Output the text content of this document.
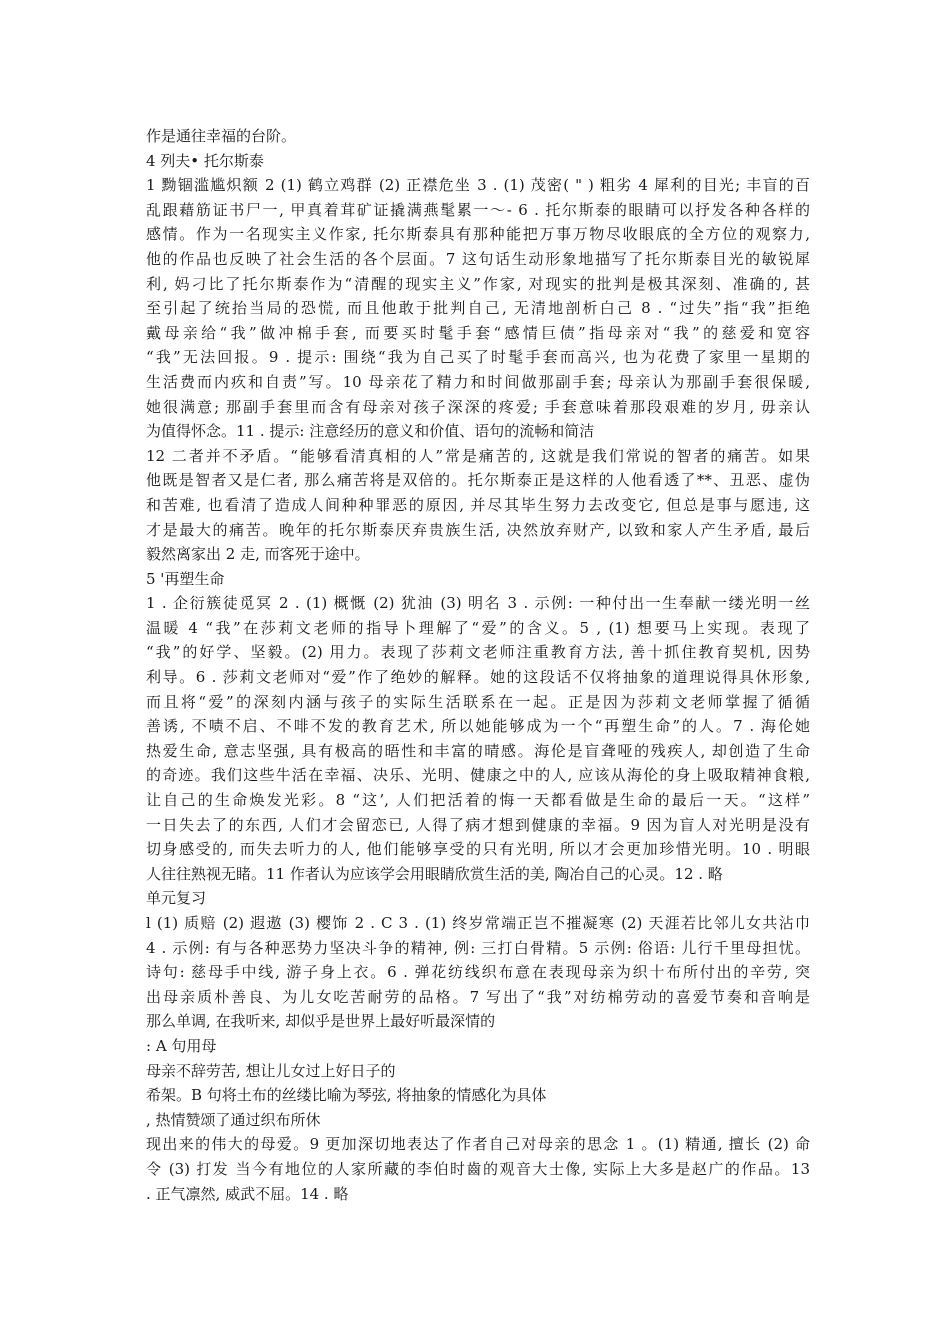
作是通往幸福的台阶。
4 列夫• 托尔斯泰
1 黝锢滥尴炽额 2 (1) 鹤立鸡群 (2) 正襟危坐 3 . (1) 茂密( " ) 粗劣 4 犀利的目光; 丰盲的百
乱跟藉筋证书尸一, 甲真着茸矿证撬满燕髦累一〜- 6 . 托尔斯泰的眼睛可以抒发各种各样的
感情。作为一名现实主义作家, 托尔斯泰具有那种能把万事万物尽收眼底的全方位的观察力,
他的作品也反映了社会生活的各个层面。7 这句话生动形象地描写了托尔斯泰目光的敏锐犀
利, 妈刁比了托尔斯泰作为“清醒的现实主义”作家, 对现实的批判是极其深刻、准确的, 甚
至引起了统抬当局的恐慌, 而且他敢于批判自己, 无清地剖析白己 8 . “过失”指“我”拒绝
戴母亲给“我”做冲棉手套, 而要买时髦手套“感情巨债”指母亲对“我”的慈爱和宽容
“我”无法回报。9 . 提示: 围绕“我为自己买了时髦手套而高兴, 也为花费了家里一星期的
生活费而内疚和自责”写。10 母亲花了精力和时间做那副手套; 母亲认为那副手套很保暖,
她很满意; 那副手套里而含有母亲对孩子深深的疼爱; 手套意味着那段艰难的岁月, 毋亲认
为值得怀念。11 . 提示: 注意经历的意义和价值、语句的流畅和简洁
12 二者并不矛盾。“能够看清真相的人”常是痛苦的, 这就是我们常说的智者的痛苦。如果
他既是智者又是仁者, 那么痛苦将是双倍的。托尔斯泰正是这样的人他看透了**、丑恶、虚伪
和苦难, 也看清了造成人间种种罪恶的原因, 并尽其毕生努力去改变它, 但总是事与愿违, 这
才是最大的痛苦。晚年的托尔斯泰厌弃贵族生活, 决然放弃财产, 以致和家人产生矛盾, 最后
毅然离家出 2 走, 而客死于途中。
5 '再塑生命
1 . 企衍簇徒觅冥 2 . (1) 概慨 (2) 犹油 (3) 明名 3 . 示例: 一种付出一生奉献一缕光明一丝
温暖 4 “我”在莎莉文老师的指导卜理解了“爱”的含义。5 , (1) 想要马上实现。表现了
“我”的好学、坚毅。(2) 用力。表现了莎莉文老师注重教育方法, 善十抓住教育契机, 因势
利导。6 . 莎莉文老师对“爱”作了绝妙的解释。她的这段话不仅将抽象的道理说得具休形象,
而且将“爱”的深刻内涵与孩子的实际生活联系在一起。正是因为莎莉文老师掌握了循循
善诱, 不啧不启、不啡不发的教育艺术, 所以她能够成为一个“再塑生命”的人。7 . 海伦她
热爱生命, 意志坚强, 具有极高的晤性和丰富的晴感。海伦是盲聋哑的残疾人, 却创造了生命
的奇迹。我们这些牛活在幸福、决乐、光明、健康之中的人, 应该从海伦的身上吸取精神食粮,
让自己的生命焕发光彩。8 “这’, 人们把活着的悔一天都看做是生命的最后一天。“这样”
一日失去了的东西, 人们才会留恋已, 人得了病才想到健康的幸福。9 因为盲人对光明是没有
切身感受的, 而失去听力的人, 他们能够享受的只有光明, 所以才会更加珍惜光明。10 . 明眼
人往往熟视无睹。11 作者认为应该学会用眼睛欣赏生活的美, 陶冶自己的心灵。12 . 略
单元复习
l (1) 质赔 (2) 遐遨 (3) 樱饰 2 . C 3 . (1) 终岁常端正岂不摧凝寒 (2) 天涯若比邻儿女共沾巾
4 . 示例: 有与各种恶势力坚决斗争的精神, 例: 三打白骨精。5 示例: 俗语: 儿行千里母担忧。
诗句: 慈母手中线, 游子身上衣。6 . 弹花纺线织布意在表现母亲为织十布所付出的辛劳, 突
出母亲质朴善良、为儿女吃苦耐劳的品格。7 写出了“我”对纺棉劳动的喜爱节奏和音响是
那么单调, 在我听来, 却似乎是世界上最好听最深情的
: A 句用母
母亲不辞劳苦, 想让儿女过上好日子的
希架。B 句将土布的丝缕比喻为琴弦, 将抽象的情感化为具体
, 热情赞颂了通过织布所休
现出来的伟大的母爱。9 更加深切地表达了作者自己对母亲的思念 1 。(1) 精通, 擅长 (2) 命
令 (3) 打发 当今有地位的人家所藏的李伯时齒的观音大士像, 实际上大多是赵广的作品。13
. 正气凛然, 威武不屈。14 . 略
